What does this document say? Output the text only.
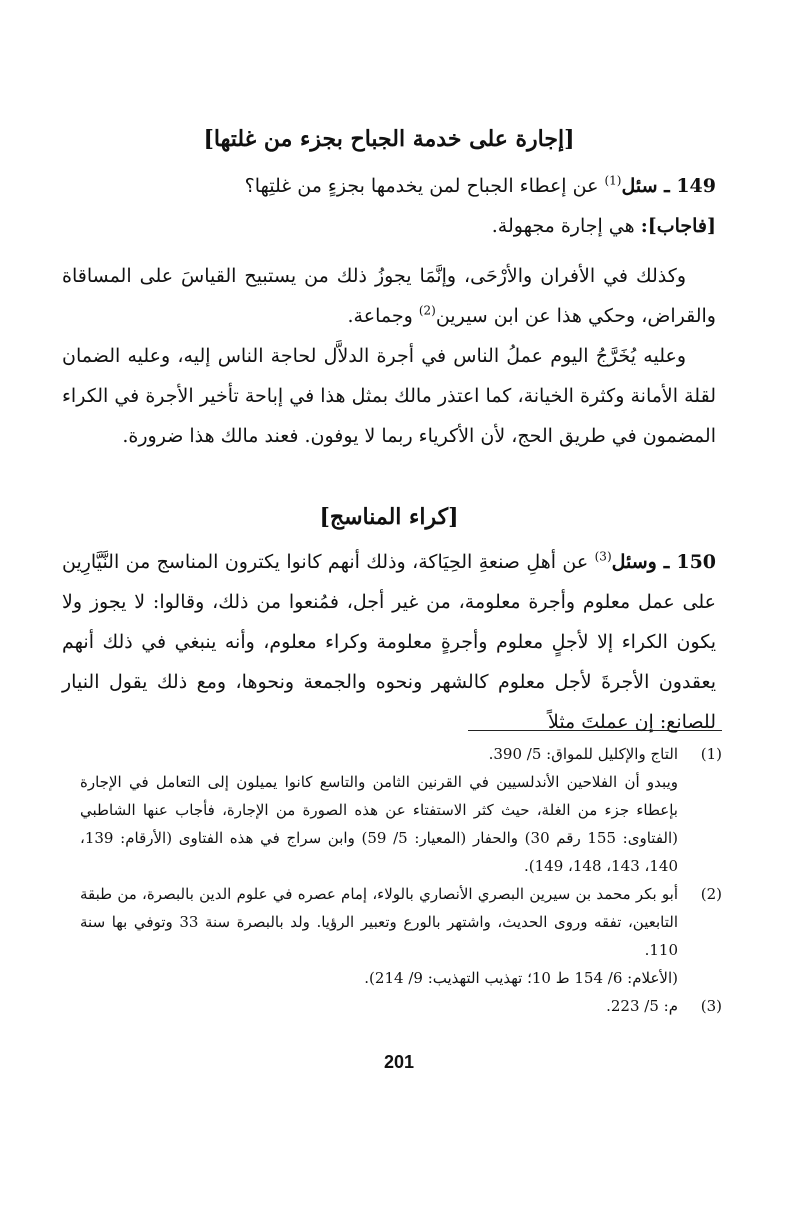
[إجارة على خدمة الجباح بجزء من غلتها]

149 ـ سئل$^{(1)}$ عن إعطاء الجباح لمن يخدمها بجزءٍ من غلتِها؟

[فاجاب]: هي إجارة مجهولة.

وكذلك في الأفران والأرْحَى، وإنَّمَا يجوزُ ذلك من يستبيح القياسَ على المساقاة والقراض، وحكي هذا عن ابن سيرين$^{(2)}$ وجماعة.

وعليه يُخَرَّجُ اليوم عملُ الناس في أجرة الدلاَّل لحاجة الناس إليه، وعليه الضمان لقلة الأمانة وكثرة الخيانة، كما اعتذر مالك بمثل هذا في إباحة تأخير الأجرة في الكراء المضمون في طريق الحج، لأن الأكرياء ربما لا يوفون. فعند مالك هذا ضرورة.

[كراء المناسج]

150 ـ وسئل$^{(3)}$ عن أهلِ صنعةِ الحِيَاكة، وذلك أنهم كانوا يكترون المناسج من النَّيَّارِين على عمل معلوم وأجرة معلومة، من غير أجل، فمُنعوا من ذلك، وقالوا: لا يجوز ولا يكون الكراء إلا لأجلٍ معلوم وأجرةٍ معلومة وكراء معلوم، وأنه ينبغي في ذلك أنهم يعقدون الأجرةَ لأجل معلوم كالشهر ونحوه والجمعة ونحوها، ومع ذلك يقول النيار للصانع: إن عملتَ مثلاً

(1)
التاج والإكليل للمواق: 5/ 390.
ويبدو أن الفلاحين الأندلسيين في القرنين الثامن والتاسع كانوا يميلون إلى التعامل في الإجارة بإعطاء جزء من الغلة، حيث كثر الاستفتاء عن هذه الصورة من الإجارة، فأجاب عنها الشاطبي (الفتاوى: 155 رقم 30) والحفار (المعيار: 5/ 59) وابن سراج في هذه الفتاوى (الأرقام: 139، 140، 143، 148، 149).
(2)
أبو بكر محمد بن سيرين البصري الأنصاري بالولاء، إمام عصره في علوم الدين بالبصرة، من طبقة التابعين، تفقه وروى الحديث، واشتهر بالورع وتعبير الرؤيا. ولد بالبصرة سنة 33 وتوفي بها سنة 110.
(الأعلام: 6/ 154 ط 10؛ تهذيب التهذيب: 9/ 214).
(3)
م: 5/ 223.
201
